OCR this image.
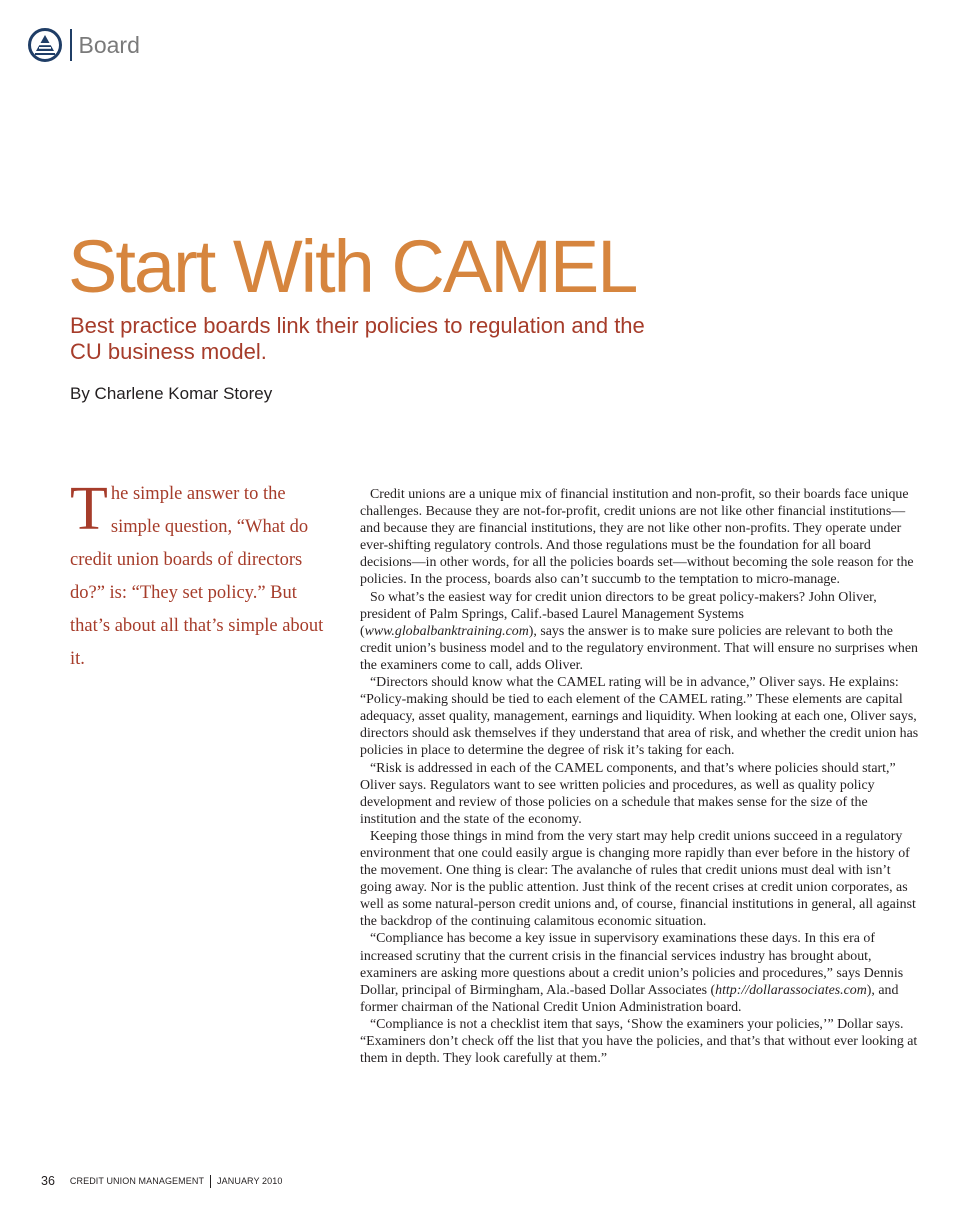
Board
Start With CAMEL

Best practice boards link their policies to regulation and the CU business model.

By Charlene Komar Storey
The simple answer to the simple question, “What do credit union boards of directors do?” is: “They set policy.” But that’s about all that’s simple about it.

Credit unions are a unique mix of financial institution and non-profit, so their boards face unique challenges. Because they are not-for-profit, credit unions are not like other financial institutions—and because they are financial institutions, they are not like other non-profits. They operate under ever-shifting regulatory controls. And those regulations must be the foundation for all board decisions—in other words, for all the policies boards set—without becoming the sole reason for the policies. In the process, boards also can’t succumb to the temptation to micro-manage.

So what’s the easiest way for credit union directors to be great policy-makers? John Oliver, president of Palm Springs, Calif.-based Laurel Management Systems (www.globalbanktraining.com), says the answer is to make sure policies are relevant to both the credit union’s business model and to the regulatory environment. That will ensure no surprises when the examiners come to call, adds Oliver.

“Directors should know what the CAMEL rating will be in advance,” Oliver says. He explains: “Policy-making should be tied to each element of the CAMEL rating.” These elements are capital adequacy, asset quality, management, earnings and liquidity. When looking at each one, Oliver says, directors should ask themselves if they understand that area of risk, and whether the credit union has policies in place to determine the degree of risk it’s taking for each.

“Risk is addressed in each of the CAMEL components, and that’s where policies should start,” Oliver says. Regulators want to see written policies and procedures, as well as quality policy development and review of those policies on a schedule that makes sense for the size of the institution and the state of the economy.

Keeping those things in mind from the very start may help credit unions succeed in a regulatory environment that one could easily argue is changing more rapidly than ever before in the history of the movement. One thing is clear: The avalanche of rules that credit unions must deal with isn’t going away. Nor is the public attention. Just think of the recent crises at credit union corporates, as well as some natural-person credit unions and, of course, financial institutions in general, all against the backdrop of the continuing calamitous economic situation.

“Compliance has become a key issue in supervisory examinations these days. In this era of increased scrutiny that the current crisis in the financial services industry has brought about, examiners are asking more questions about a credit union’s policies and procedures,” says Dennis Dollar, principal of Birmingham, Ala.-based Dollar Associates (http://dollarassociates.com), and former chairman of the National Credit Union Administration board.

“Compliance is not a checklist item that says, ‘Show the examiners your policies,’” Dollar says. “Examiners don’t check off the list that you have the policies, and that’s that without ever looking at them in depth. They look carefully at them.”

36 CREDIT UNION MANAGEMENT JANUARY 2010
